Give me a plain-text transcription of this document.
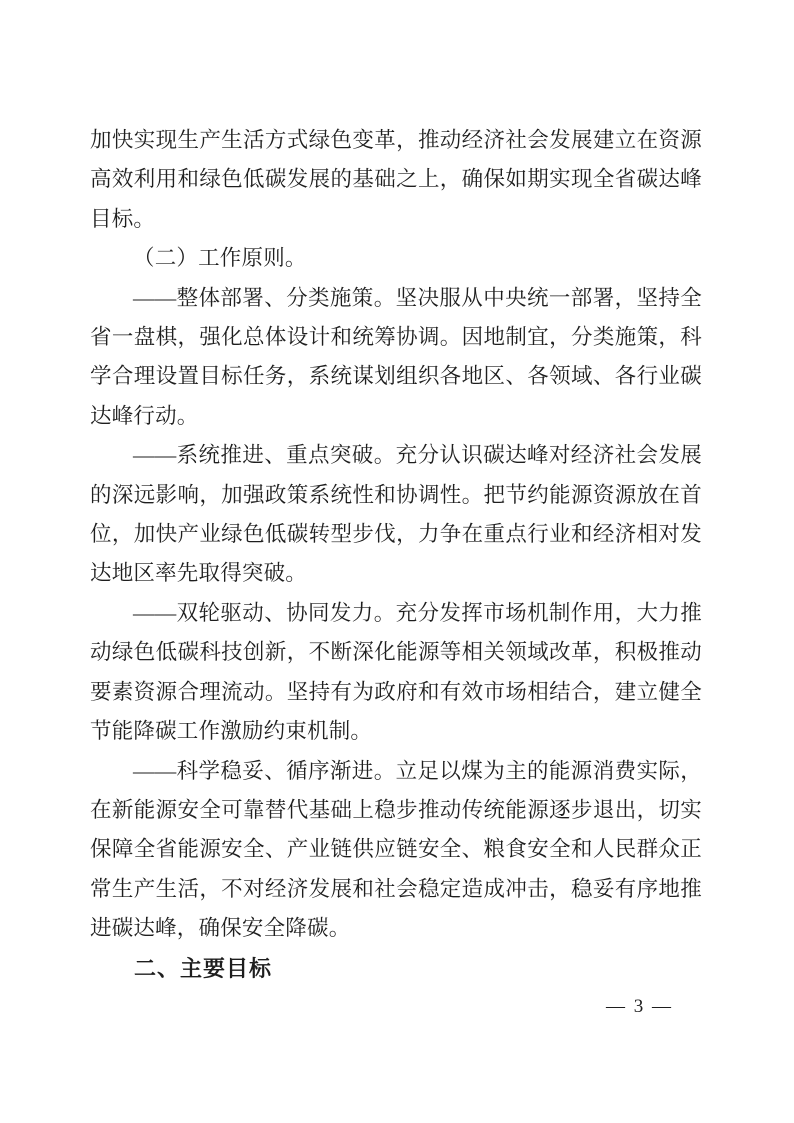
加快实现生产生活方式绿色变革，推动经济社会发展建立在资源高效利用和绿色低碳发展的基础之上，确保如期实现全省碳达峰目标。

（二）工作原则。

——整体部署、分类施策。坚决服从中央统一部署，坚持全省一盘棋，强化总体设计和统筹协调。因地制宜，分类施策，科学合理设置目标任务，系统谋划组织各地区、各领域、各行业碳达峰行动。

——系统推进、重点突破。充分认识碳达峰对经济社会发展的深远影响，加强政策系统性和协调性。把节约能源资源放在首位，加快产业绿色低碳转型步伐，力争在重点行业和经济相对发达地区率先取得突破。

——双轮驱动、协同发力。充分发挥市场机制作用，大力推动绿色低碳科技创新，不断深化能源等相关领域改革，积极推动要素资源合理流动。坚持有为政府和有效市场相结合，建立健全节能降碳工作激励约束机制。

——科学稳妥、循序渐进。立足以煤为主的能源消费实际，在新能源安全可靠替代基础上稳步推动传统能源逐步退出，切实保障全省能源安全、产业链供应链安全、粮食安全和人民群众正常生产生活，不对经济发展和社会稳定造成冲击，稳妥有序地推进碳达峰，确保安全降碳。

二、主要目标

— 3 —
